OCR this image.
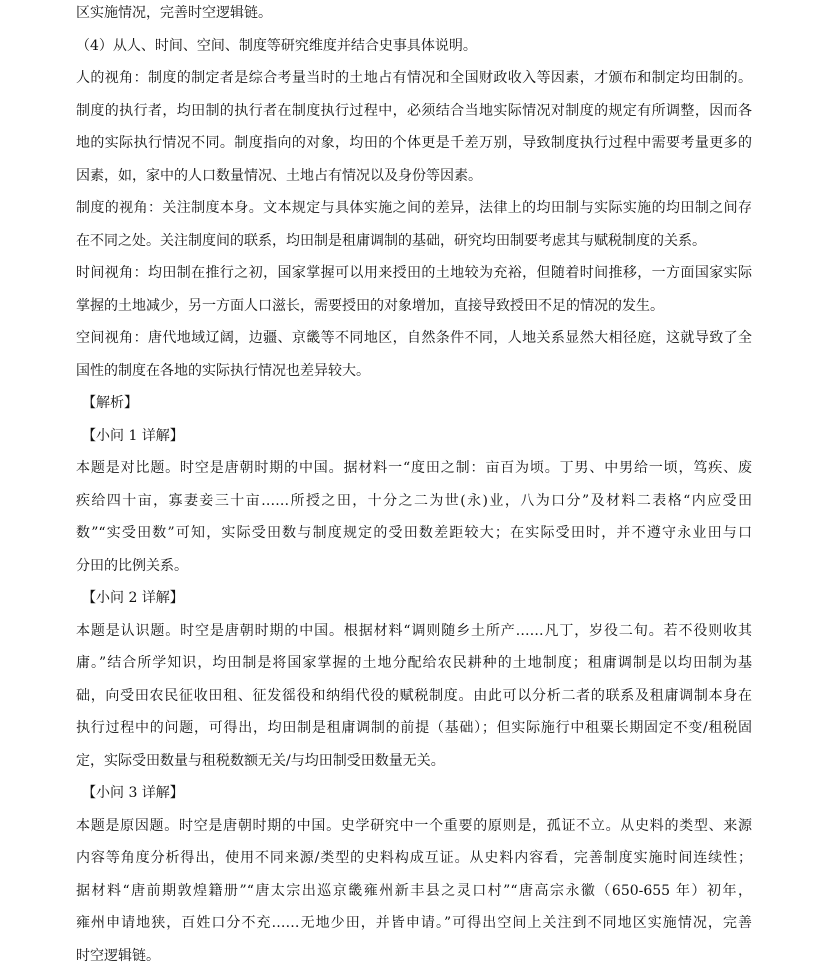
区实施情况，完善时空逻辑链。
（4）从人、时间、空间、制度等研究维度并结合史事具体说明。
人的视角：制度的制定者是综合考量当时的土地占有情况和全国财政收入等因素，才颁布和制定均田制的。
制度的执行者，均田制的执行者在制度执行过程中，必须结合当地实际情况对制度的规定有所调整，因而各
地的实际执行情况不同。制度指向的对象，均田的个体更是千差万别，导致制度执行过程中需要考量更多的
因素，如，家中的人口数量情况、土地占有情况以及身份等因素。
制度的视角：关注制度本身。文本规定与具体实施之间的差异，法律上的均田制与实际实施的均田制之间存
在不同之处。关注制度间的联系，均田制是租庸调制的基础，研究均田制要考虑其与赋税制度的关系。
时间视角：均田制在推行之初，国家掌握可以用来授田的土地较为充裕，但随着时间推移，一方面国家实际
掌握的土地减少，另一方面人口滋长，需要授田的对象增加，直接导致授田不足的情况的发生。
空间视角：唐代地域辽阔，边疆、京畿等不同地区，自然条件不同，人地关系显然大相径庭，这就导致了全
国性的制度在各地的实际执行情况也差异较大。
【解析】
【小问 1 详解】
本题是对比题。时空是唐朝时期的中国。据材料一“度田之制：亩百为顷。丁男、中男给一顷，笃疾、废
疾给四十亩，寡妻妾三十亩……所授之田，十分之二为世(永)业，八为口分”及材料二表格“内应受田
数”“实受田数”可知，实际受田数与制度规定的受田数差距较大；在实际受田时，并不遵守永业田与口
分田的比例关系。
【小问 2 详解】
本题是认识题。时空是唐朝时期的中国。根据材料“调则随乡土所产……凡丁，岁役二旬。若不役则收其
庸。”结合所学知识，均田制是将国家掌握的土地分配给农民耕种的土地制度；租庸调制是以均田制为基
础，向受田农民征收田租、征发徭役和纳绢代役的赋税制度。由此可以分析二者的联系及租庸调制本身在
执行过程中的问题，可得出，均田制是租庸调制的前提（基础）；但实际施行中租粟长期固定不变/租税固
定，实际受田数量与租税数额无关/与均田制受田数量无关。
【小问 3 详解】
本题是原因题。时空是唐朝时期的中国。史学研究中一个重要的原则是，孤证不立。从史料的类型、来源
内容等角度分析得出，使用不同来源/类型的史料构成互证。从史料内容看，完善制度实施时间连续性；
据材料“唐前期敦煌籍册”“唐太宗出巡京畿雍州新丰县之灵口村”“唐高宗永徽（650-655 年）初年，
雍州申请地狭，百姓口分不充……无地少田，并皆申请。”可得出空间上关注到不同地区实施情况，完善
时空逻辑链。
